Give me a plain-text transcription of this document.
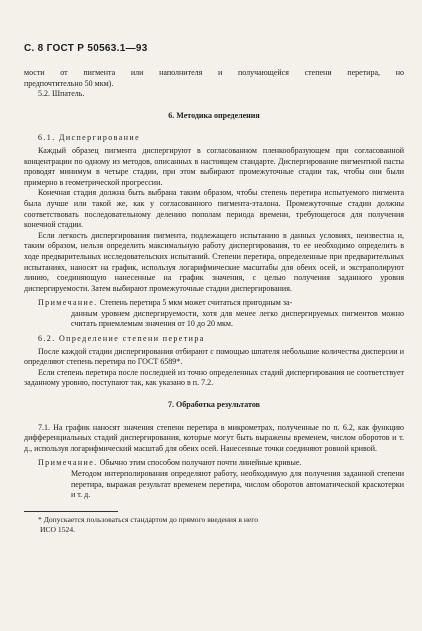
С. 8 ГОСТ Р 50563.1—93

мости от пигмента или наполнителя и получающейся степени перетира, но

предпочтительно 50 мкм).

5.2. Шпатель.

6. Методика определения

6.1. Диспергирование

Каждый образец пигмента диспергируют в согласованном пленкообразующем при согласованной концентрации по одному из методов, описанных в настоящем стандарте. Диспергирование пигментной пасты проводят минимум в четыре стадии, при этом выбирают промежуточные стадии так, чтобы они были примерно в геометрической прогрессии.

Конечная стадия должна быть выбрана таким образом, чтобы степень перетира испытуемого пигмента была лучше или такой же, как у согласованного пигмента-эталона. Промежуточные стадии должны соответствовать последовательному делению пополам периода времени, требующегося для получения конечной стадии.

Если легкость диспергирования пигмента, подлежащего испытанию в данных условиях, неизвестна и, таким образом, нельзя определить максимальную работу диспергирования, то ее необходимо определить в ходе предварительных исследовательских испытаний. Степени перетира, определенные при предварительных испытаниях, наносят на график, используя логарифмические масштабы для обеих осей, и экстраполируют линию, соединяющую нанесенные на график значения, с целью получения заданного уровня диспергируемости. Затем выбирают промежуточные стадии диспергирования.

Примечание. Степень перетира 5 мкм может считаться пригодным за-

данным уровнем диспергируемости, хотя для менее легко диспергируемых пигментов можно считать приемлемым значения от 10 до 20 мкм.

6.2. Определение степени перетира

После каждой стадии диспергирования отбирают с помощью шпателя небольшие количества дисперсии и определяют степень перетира по ГОСТ 6589*.

Если степень перетира после последней из точно определенных стадий диспергирования не соответствует заданному уровню, поступают так, как указано в п. 7.2.

7. Обработка результатов

7.1. На график наносят значения степени перетира в микрометрах, полученные по п. 6.2, как функцию дифференциальных стадий диспергирования, которые могут быть выражены временем, числом оборотов и т. д., используя логарифмический масштаб для обеих осей. Нанесенные точки соединяют ровной кривой.

Примечание. Обычно этим способом получают почти линейные кривые.

Методом интерполирования определяют работу, необходимую для получения заданной степени перетира, выражая результат временем перетира, числом оборотов автоматической краскотерки и т. д.

* Допускается пользоваться стандартом до прямого введения в него

ИСО 1524.
